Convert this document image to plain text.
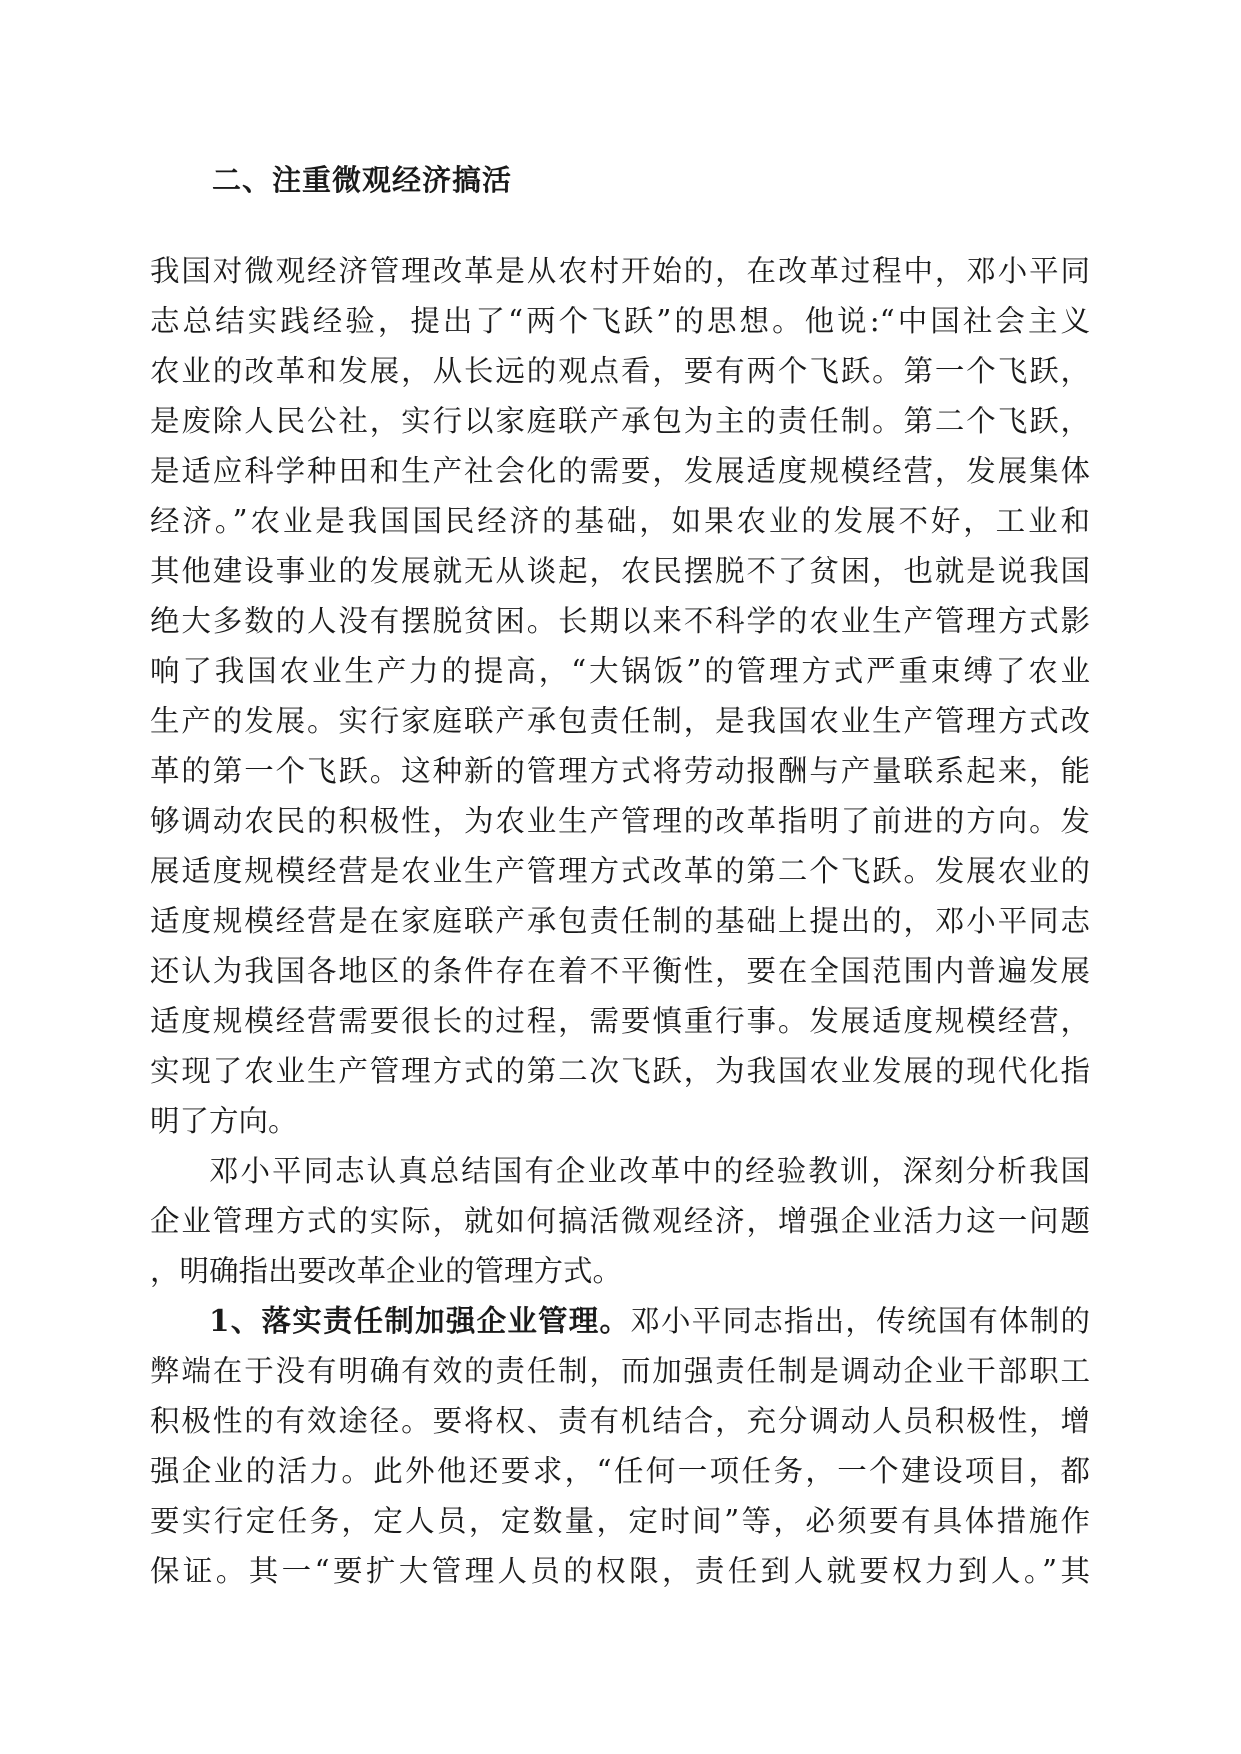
二、注重微观经济搞活
我国对微观经济管理改革是从农村开始的，在改革过程中，邓小平同
志总结实践经验，提出了“两个飞跃”的思想。他说:“中国社会主义
农业的改革和发展，从长远的观点看，要有两个飞跃。第一个飞跃，
是废除人民公社，实行以家庭联产承包为主的责任制。第二个飞跃，
是适应科学种田和生产社会化的需要，发展适度规模经营，发展集体
经济。”农业是我国国民经济的基础，如果农业的发展不好，工业和
其他建设事业的发展就无从谈起，农民摆脱不了贫困，也就是说我国
绝大多数的人没有摆脱贫困。长期以来不科学的农业生产管理方式影
响了我国农业生产力的提高，“大锅饭”的管理方式严重束缚了农业
生产的发展。实行家庭联产承包责任制，是我国农业生产管理方式改
革的第一个飞跃。这种新的管理方式将劳动报酬与产量联系起来，能
够调动农民的积极性，为农业生产管理的改革指明了前进的方向。发
展适度规模经营是农业生产管理方式改革的第二个飞跃。发展农业的
适度规模经营是在家庭联产承包责任制的基础上提出的，邓小平同志
还认为我国各地区的条件存在着不平衡性，要在全国范围内普遍发展
适度规模经营需要很长的过程，需要慎重行事。发展适度规模经营，
实现了农业生产管理方式的第二次飞跃，为我国农业发展的现代化指
明了方向。
邓小平同志认真总结国有企业改革中的经验教训，深刻分析我国
企业管理方式的实际，就如何搞活微观经济，增强企业活力这一问题
，明确指出要改革企业的管理方式。
1、落实责任制加强企业管理。邓小平同志指出，传统国有体制的
弊端在于没有明确有效的责任制，而加强责任制是调动企业干部职工
积极性的有效途径。要将权、责有机结合，充分调动人员积极性，增
强企业的活力。此外他还要求，“任何一项任务，一个建设项目，都
要实行定任务，定人员，定数量，定时间”等，必须要有具体措施作
保证。其一“要扩大管理人员的权限，责任到人就要权力到人。”其
